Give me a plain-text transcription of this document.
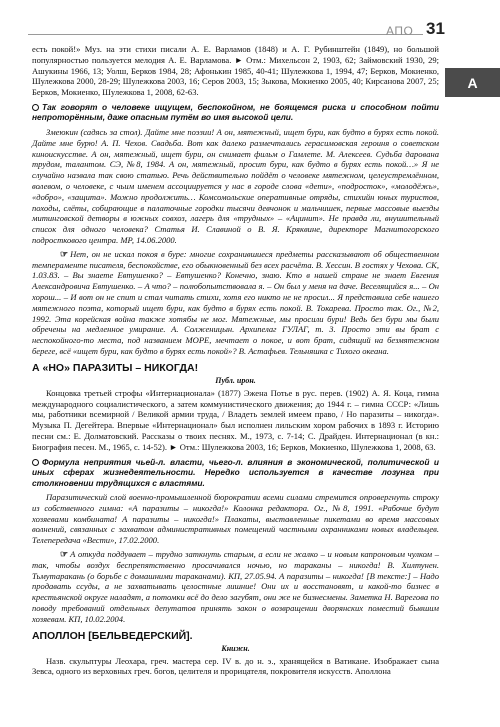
АПО 31
А

есть покой!» Муз. на эти стихи писали А. Е. Варламов (1848) и А. Г. Рубинштейн (1849), но большой популярностью пользуется мелодия А. Е. Варламова. ► Отм.: Михельсон 2, 1903, 62; Займовский 1930, 29; Ашукины 1966, 13; Уолш, Берков 1984, 28; Афонькин 1985, 40-41; Шулежкова 1, 1994, 47; Берков, Мокиенко, Шулежкова 2000, 28-29; Шулежкова 2003, 16; Серов 2003, 15; Зыкова, Мокиенко 2005, 40; Кирсанова 2007, 25; Берков, Мокиенко, Шулежкова 1, 2008, 62-63.

Так говорят о человеке ищущем, беспокойном, не боящемся риска и способном пойти непроторённым, даже опасным путём во имя высокой цели.

Змеюкин (садясь за стол). Дайте мне поэзии! А он, мятежный, ищет бури, как будто в бурях есть покой. Дайте мне бурю! А. П. Чехов. Свадьба. Вот как далеко размечтались герасимовская героиня о советском киноискусстве. А он, мятежный, ищет бури, он снимает фильм о Гамлете. М. Алексеев. Судьба дарована трудом, талантом. СЭ, №8, 1984. А он, мятежный, просит бури, как будто в бурях есть покой…» Я не случайно назвала так свою статью. Речь действительно пойдёт о человеке мятежном, целеустремлённом, волевом, о человеке, с чьим именем ассоциируется у нас в городе слова «дети», «подросток», «молодёжь», «добро», «защита». Можно продолжить… Комсомольские оперативные отряды, стихийн юных туристов, походы, слёты, собирающие в палаточные городки тысячи девчонок и мальчишек, первые массовые выезды митинговской детворы в южных совхоз, лагерь для «трудных» – «Ацинит». Не правда ли, внушительный список для одного человека? Статья И. Славиной о В. Я. Кряквине, директоре Магнитогорского подросткового центра. МР, 14.06.2000.

☞ Нет, он не искал покоя в буре: многие сохранившиеся предметы рассказывают об общественном темпераменте писателя, беспокойстве, его обыкновенный без всех расчёта. В. Хессин. В гостях у Чехова. СК, 1.03.83. – Вы знаете Евтушенко? – Евтушенко? Конечно, знаю. Кто в нашей стране не знает Евгения Александровича Евтушенко. – А что? – полюбопытствовала я. – Он был у меня на даче. Веселящийся я... – Он хорош... – И вот он не спит и стал читать стихи, хотя его никто не не просил... Я представила себе нашего мятежного поэта, который ищет бури, как будто в бурях есть покой. В. Токарева. Просто так. Ог., №2, 1992. Эта корейская война также хотябы не мог. Мятежные, мы просили бури! Ведь без бури мы были обречены на медленное умирание. А. Солженицын. Архипелаг ГУЛАГ, т. 3. Просто эти вы брат с неспокойного-то места, под названием МОРЕ, мечтает о покое, и вот брат, сидящий на безмятежном береге, всё «ищет бури, как будто в бурях есть покой»? В. Астафьев. Тельняшка с Тихого океана.

А «НО» ПАРАЗИТЫ – НИКОГДА!
Публ. ирон.

Концовка третьей строфы «Интернационала» (1877) Эжена Потье в рус. перев. (1902) А. Я. Коца, гимна международного социалистического, а затем коммунистического движения; до 1944 г. – гимна СССР: «Лишь мы, работники всемирной / Великой армии труда, / Владеть землей имеем право, / Но паразиты – никогда». Музыка П. Дегейтера. Впервые «Интернационал» был исполнен лильским хором рабочих в 1893 г. Историю песни см.: Е. Долматовский. Рассказы о твоих песнях. М., 1973, с. 7-14; С. Драйден. Интернационал (в кн.: Биография песен. М., 1965, с. 14-52). ► Отм.: Шулежкова 2003, 16; Берков, Мокиенко, Шулежкова 1, 2008, 63.

Формула неприятия чьей-л. власти, чьего-л. влияния в экономической, политической и иных сферах жизнедеятельности. Нередко используется в качестве лозунга при столкновении трудящихся с властями.

Паразитический слой военно-промышленной бюрократии всеми силами стремится опровергнуть строку из собственного гимна: «А паразиты – никогда!» Колонка редактора. Ог., №8, 1991. «Рабочие будут хозяевами комбината! А паразиты – никогда!» Плакаты, выставленные пикетами во время массовых волнений, связанных с захватом административных помещений частными охранниками новых владельцев. Телепередача «Вести», 17.02.2000.

☞ А откуда поддувает – трудно заткнуть старым, а если не жалко – и новым капроновым чулком – так, чтобы воздух беспрепятственно просачивался ночью, но тараканы – никогда! В. Хилтунен. Тьмутаракань (о борьбе с домашними тараканами). КП, 27.05.94. А паразиты – никогда! [В тексте:] – Надо продавать ссуды, а не захватывать целостные лишние! Они их и восстановят, и какой-то бизнес в крестьянской округе наладят, а потомки всё до дело загубят, они же не бизнесмены. Заметка Н. Варегова по поводу требований отдельных депутатов принять закон о возвращении дворянских поместий бывшим хозяевам. КП, 10.02.2004.

АПОЛЛОН [БЕЛЬВЕДЕРСКИЙ].
Книжн.

Назв. скульптуры Леохара, греч. мастера сер. IV в. до н. э., хранящейся в Ватикане. Изображает сына Зевса, одного из верховных греч. богов, целителя и прорицателя, покровителя искусств. Аполлона
